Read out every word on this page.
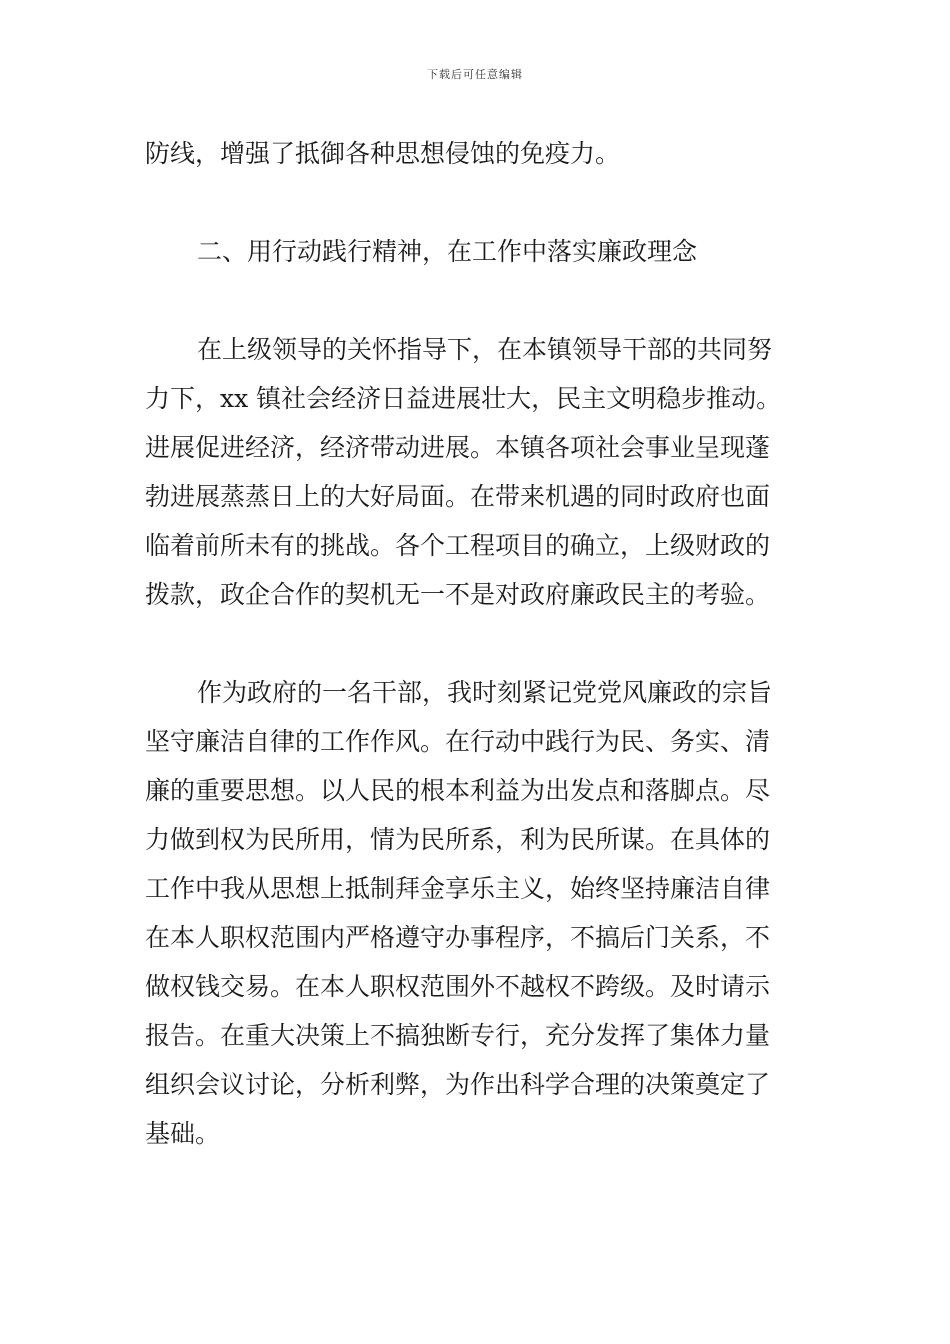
下载后可任意编辑
防线，增强了抵御各种思想侵蚀的免疫力。
二、用行动践行精神，在工作中落实廉政理念
在上级领导的关怀指导下，在本镇领导干部的共同努
力下，xx 镇社会经济日益进展壮大，民主文明稳步推动。
进展促进经济，经济带动进展。本镇各项社会事业呈现蓬
勃进展蒸蒸日上的大好局面。在带来机遇的同时政府也面
临着前所未有的挑战。各个工程项目的确立，上级财政的
拨款，政企合作的契机无一不是对政府廉政民主的考验。
作为政府的一名干部，我时刻紧记党党风廉政的宗旨
坚守廉洁自律的工作作风。在行动中践行为民、务实、清
廉的重要思想。以人民的根本利益为出发点和落脚点。尽
力做到权为民所用，情为民所系，利为民所谋。在具体的
工作中我从思想上抵制拜金享乐主义，始终坚持廉洁自律
在本人职权范围内严格遵守办事程序，不搞后门关系，不
做权钱交易。在本人职权范围外不越权不跨级。及时请示
报告。在重大决策上不搞独断专行，充分发挥了集体力量
组织会议讨论，分析利弊，为作出科学合理的决策奠定了
基础。
